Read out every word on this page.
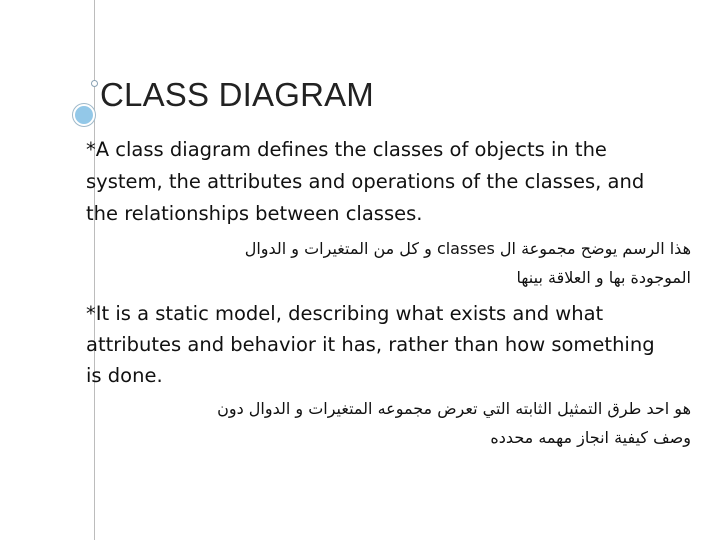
CLASS DIAGRAM

*A class diagram defines the classes of objects in the
system, the attributes and operations of the classes, and
the relationships between classes.

هذا الرسم يوضح مجموعة ال classes و كل من المتغيرات و الدوال
الموجودة بها و العلاقة بينها

*It is a static model, describing what exists and what
attributes and behavior it has, rather than how something
is done.

هو احد طرق التمثيل الثابته التي تعرض مجموعه المتغيرات و الدوال دون
وصف كيفية انجاز مهمه محدده
